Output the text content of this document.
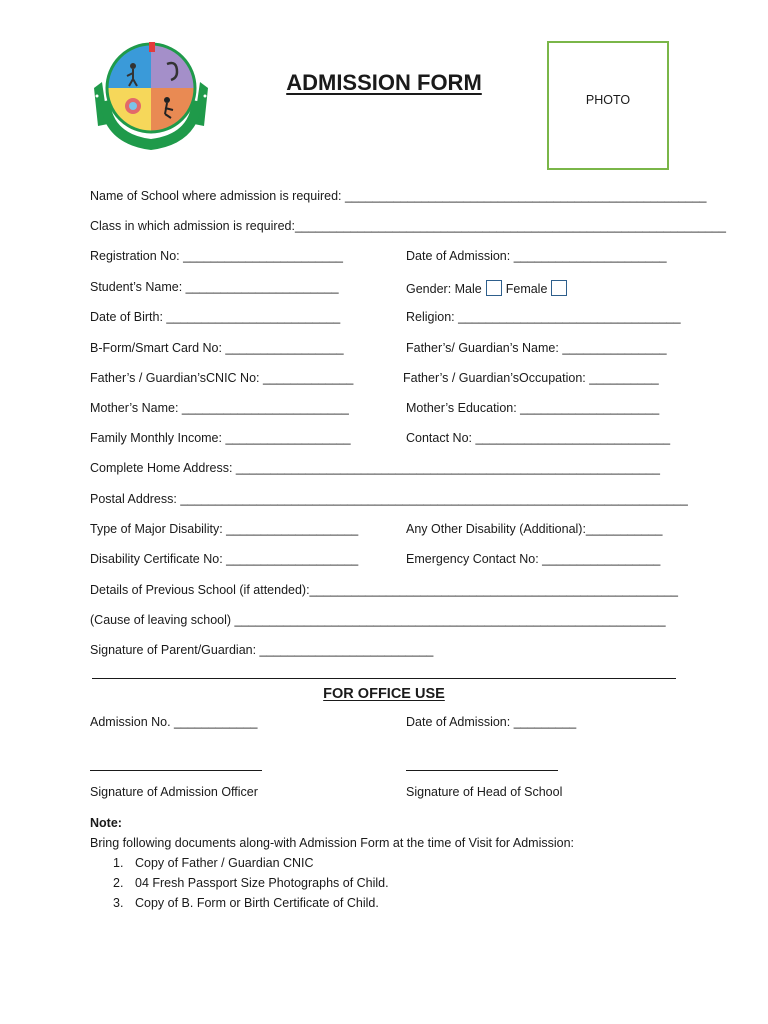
ADMISSION FORM
PHOTO
Name of School where admission is required: ____________________________________________________
Class in which admission is required:______________________________________________________________
Registration No: _______________________	Date of Admission: ______________________
Student’s Name: ______________________	Gender: Male Female
Date of Birth: _________________________	Religion: ________________________________
B-Form/Smart Card No: _________________	Father’s/ Guardian’s Name: _______________
Father’s / Guardian’sCNIC No: _____________	Father’s / Guardian’sOccupation: __________
Mother’s Name: ________________________	Mother’s Education: ____________________
Family Monthly Income: __________________	Contact No: ____________________________
Complete Home Address: _____________________________________________________________
Postal Address: _________________________________________________________________________
Type of Major Disability: ___________________	Any Other Disability (Additional):___________
Disability Certificate No: ___________________	Emergency Contact No: _________________
Details of Previous School (if attended):_____________________________________________________
(Cause of leaving school) ______________________________________________________________
Signature of Parent/Guardian: _________________________
FOR OFFICE USE
Admission No. ____________	Date of Admission: _________
Signature of Admission Officer	Signature of Head of School
Note:
Bring following documents along-with Admission Form at the time of Visit for Admission:
1. Copy of Father / Guardian CNIC
2. 04 Fresh Passport Size Photographs of Child.
3. Copy of B. Form or Birth Certificate of Child.
